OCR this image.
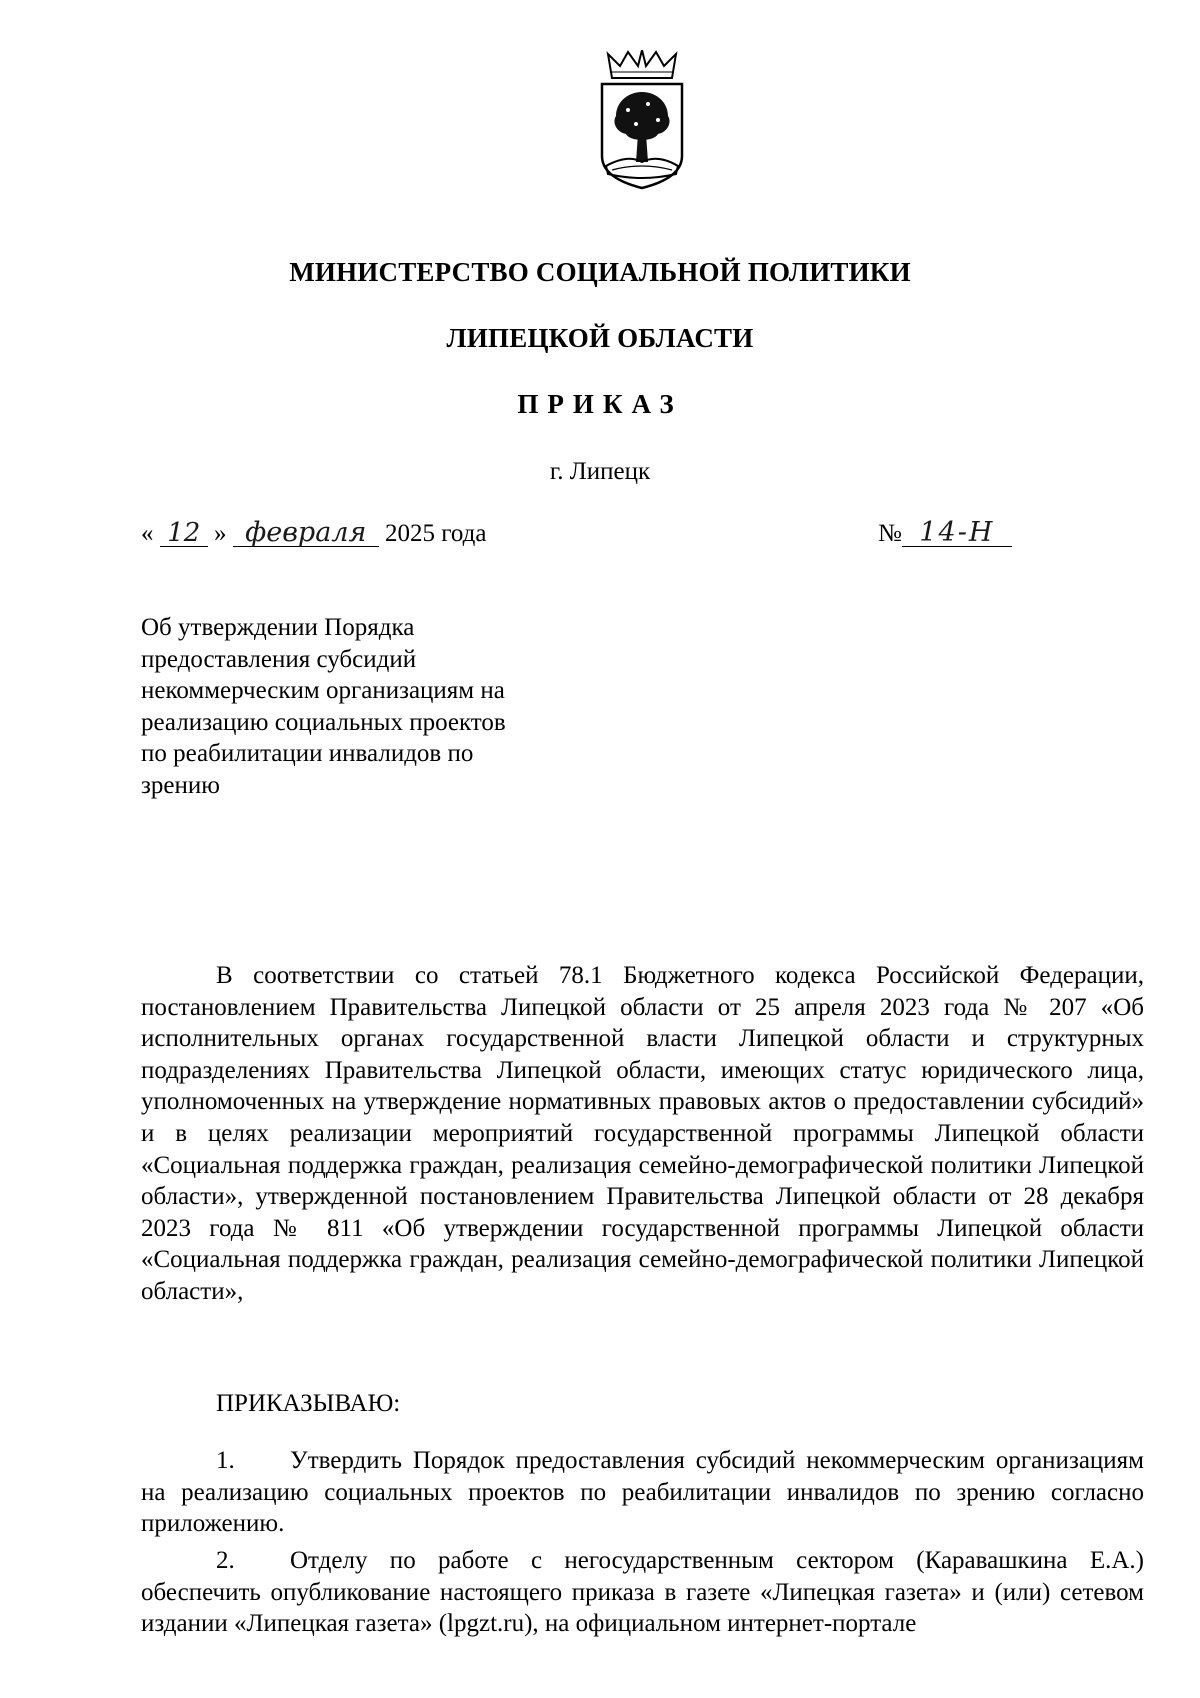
МИНИСТЕРСТВО СОЦИАЛЬНОЙ ПОЛИТИКИ
ЛИПЕЦКОЙ ОБЛАСТИ
ПРИКАЗ
г. Липецк
« 12 » февраля 2025 года	№ 14-Н
Об утверждении Порядка предоставления субсидий некоммерческим организациям на реализацию социальных проектов по реабилитации инвалидов по зрению
В соответствии со статьей 78.1 Бюджетного кодекса Российской Федерации, постановлением Правительства Липецкой области от 25 апреля 2023 года № 207 «Об исполнительных органах государственной власти Липецкой области и структурных подразделениях Правительства Липецкой области, имеющих статус юридического лица, уполномоченных на утверждение нормативных правовых актов о предоставлении субсидий» и в целях реализации мероприятий государственной программы Липецкой области «Социальная поддержка граждан, реализация семейно-демографической политики Липецкой области», утвержденной постановлением Правительства Липецкой области от 28 декабря 2023 года № 811 «Об утверждении государственной программы Липецкой области «Социальная поддержка граждан, реализация семейно-демографической политики Липецкой области»,
ПРИКАЗЫВАЮ:
1. Утвердить Порядок предоставления субсидий некоммерческим организациям на реализацию социальных проектов по реабилитации инвалидов по зрению согласно приложению.
2. Отделу по работе с негосударственным сектором (Каравашкина Е.А.) обеспечить опубликование настоящего приказа в газете «Липецкая газета» и (или) сетевом издании «Липецкая газета» (lpgzt.ru), на официальном интернет-портале
